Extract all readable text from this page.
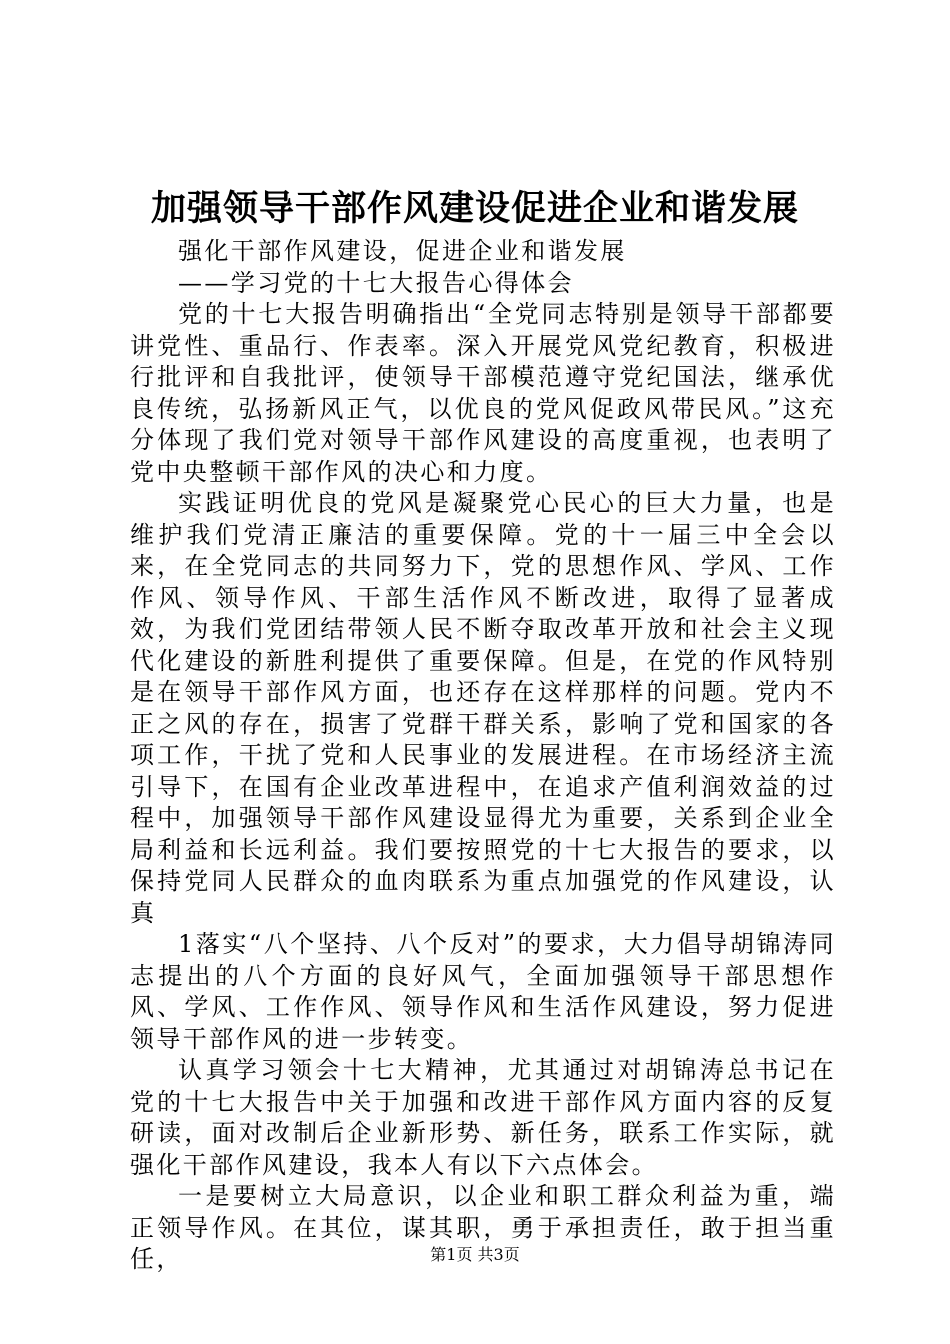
加强领导干部作风建设促进企业和谐发展

强化干部作风建设，促进企业和谐发展

——学习党的十七大报告心得体会

党的十七大报告明确指出“全党同志特别是领导干部都要讲党性、重品行、作表率。深入开展党风党纪教育，积极进行批评和自我批评，使领导干部模范遵守党纪国法，继承优良传统，弘扬新风正气，以优良的党风促政风带民风。”这充分体现了我们党对领导干部作风建设的高度重视，也表明了党中央整顿干部作风的决心和力度。

实践证明优良的党风是凝聚党心民心的巨大力量，也是维护我们党清正廉洁的重要保障。党的十一届三中全会以来，在全党同志的共同努力下，党的思想作风、学风、工作作风、领导作风、干部生活作风不断改进，取得了显著成效，为我们党团结带领人民不断夺取改革开放和社会主义现代化建设的新胜利提供了重要保障。但是，在党的作风特别是在领导干部作风方面，也还存在这样那样的问题。党内不正之风的存在，损害了党群干群关系，影响了党和国家的各项工作，干扰了党和人民事业的发展进程。在市场经济主流引导下，在国有企业改革进程中，在追求产值利润效益的过程中，加强领导干部作风建设显得尤为重要，关系到企业全局利益和长远利益。我们要按照党的十七大报告的要求，以保持党同人民群众的血肉联系为重点加强党的作风建设，认真

1落实“八个坚持、八个反对”的要求，大力倡导胡锦涛同志提出的八个方面的良好风气，全面加强领导干部思想作风、学风、工作作风、领导作风和生活作风建设，努力促进领导干部作风的进一步转变。

认真学习领会十七大精神，尤其通过对胡锦涛总书记在党的十七大报告中关于加强和改进干部作风方面内容的反复研读，面对改制后企业新形势、新任务，联系工作实际，就强化干部作风建设，我本人有以下六点体会。

一是要树立大局意识，以企业和职工群众利益为重，端正领导作风。在其位，谋其职，勇于承担责任，敢于担当重任，	第1页 共3页
